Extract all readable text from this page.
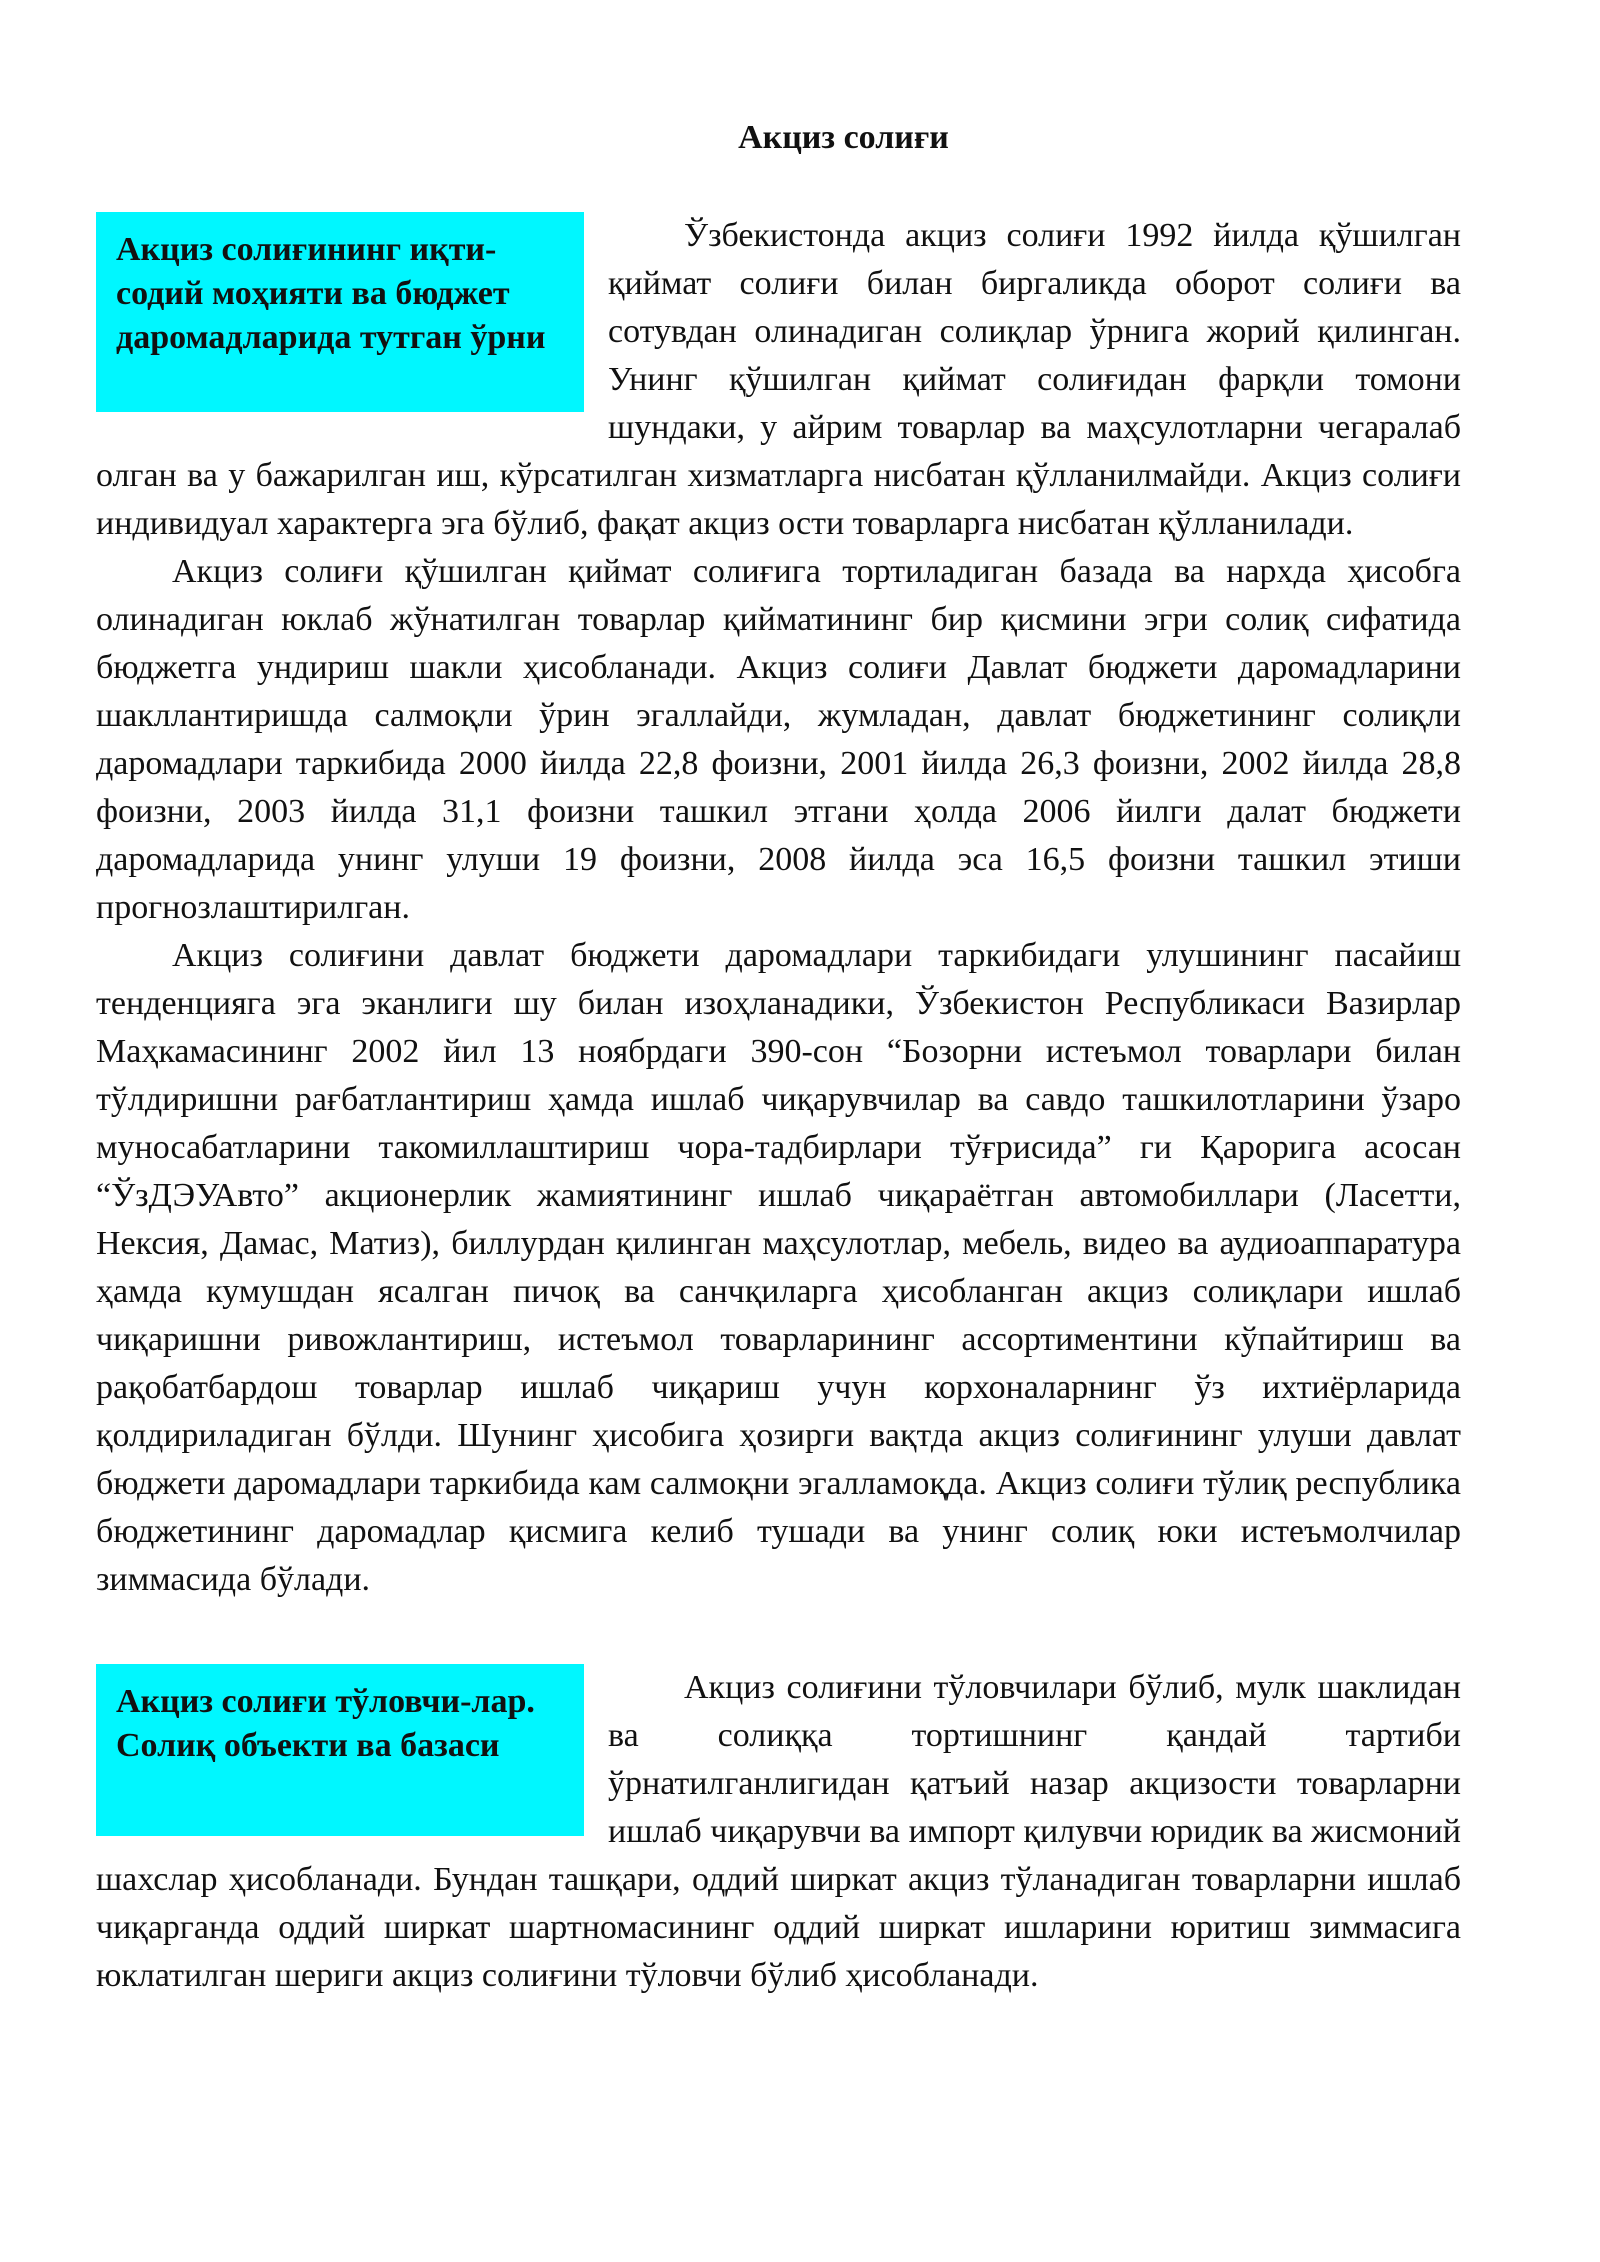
Акциз солиғи
Акциз солиғининг иқти-содий моҳияти ва бюджет даромадларида тутган ўрни

Ўзбекистонда акциз солиғи 1992 йилда қўшилган қиймат солиғи билан биргаликда оборот солиғи ва сотувдан олинадиган солиқлар ўрнига жорий қилинган. Унинг қўшилган қиймат солиғидан фарқли томони шундаки, у айрим товарлар ва маҳсулотларни чегаралаб олган ва у бажарилган иш, кўрсатилган хизматларга нисбатан қўлланилмайди. Акциз солиғи индивидуал характерга эга бўлиб, фақат акциз ости товарларга нисбатан қўлланилади.

Акциз солиғи қўшилган қиймат солиғига тортиладиган базада ва нархда ҳисобга олинадиган юклаб жўнатилган товарлар қийматининг бир қисмини эгри солиқ сифатида бюджетга ундириш шакли ҳисобланади. Акциз солиғи Давлат бюджети даромадларини шакллантиришда салмоқли ўрин эгаллайди, жумладан, давлат бюджетининг солиқли даромадлари таркибида 2000 йилда 22,8 фоизни, 2001 йилда 26,3 фоизни, 2002 йилда 28,8 фоизни, 2003 йилда 31,1 фоизни ташкил этгани ҳолда 2006 йилги далат бюджети даромадларида унинг улуши 19 фоизни, 2008 йилда эса 16,5 фоизни ташкил этиши прогнозлаштирилган.

Акциз солиғини давлат бюджети даромадлари таркибидаги улушининг пасайиш тенденцияга эга эканлиги шу билан изоҳланадики, Ўзбекистон Республикаси Вазирлар Маҳкамасининг 2002 йил 13 ноябрдаги 390-сон “Бозорни истеъмол товарлари билан тўлдиришни рағбатлантириш ҳамда ишлаб чиқарувчилар ва савдо ташкилотларини ўзаро муносабатларини такомиллаштириш чора-тадбирлари тўғрисида” ги Қарорига асосан “ЎзДЭУАвто” акционерлик жамиятининг ишлаб чиқараётган автомобиллари (Ласетти, Нексия, Дамас, Матиз), биллурдан қилинган маҳсулотлар, мебель, видео ва аудиоаппаратура ҳамда кумушдан ясалган пичоқ ва санчқиларга ҳисобланган акциз солиқлари ишлаб чиқаришни ривожлантириш, истеъмол товарларининг ассортиментини кўпайтириш ва рақобатбардош товарлар ишлаб чиқариш учун корхоналарнинг ўз ихтиёрларида қолдириладиган бўлди. Шунинг ҳисобига ҳозирги вақтда акциз солиғининг улуши давлат бюджети даромадлари таркибида кам салмоқни эгалламоқда. Акциз солиғи тўлиқ республика бюджетининг даромадлар қисмига келиб тушади ва унинг солиқ юки истеъмолчилар зиммасида бўлади.

Акциз солиғи тўловчи-лар. Солиқ объекти ва базаси

Акциз солиғини тўловчилари бўлиб, мулк шаклидан ва солиққа тортишнинг қандай тартиби ўрнатилганлигидан қатъий назар акцизости товарларни ишлаб чиқарувчи ва импорт қилувчи юридик ва жисмоний шахслар ҳисобланади. Бундан ташқари, оддий ширкат акциз тўланадиган товарларни ишлаб чиқарганда оддий ширкат шартномасининг оддий ширкат ишларини юритиш зиммасига юклатилган шериги акциз солиғини тўловчи бўлиб ҳисобланади.
